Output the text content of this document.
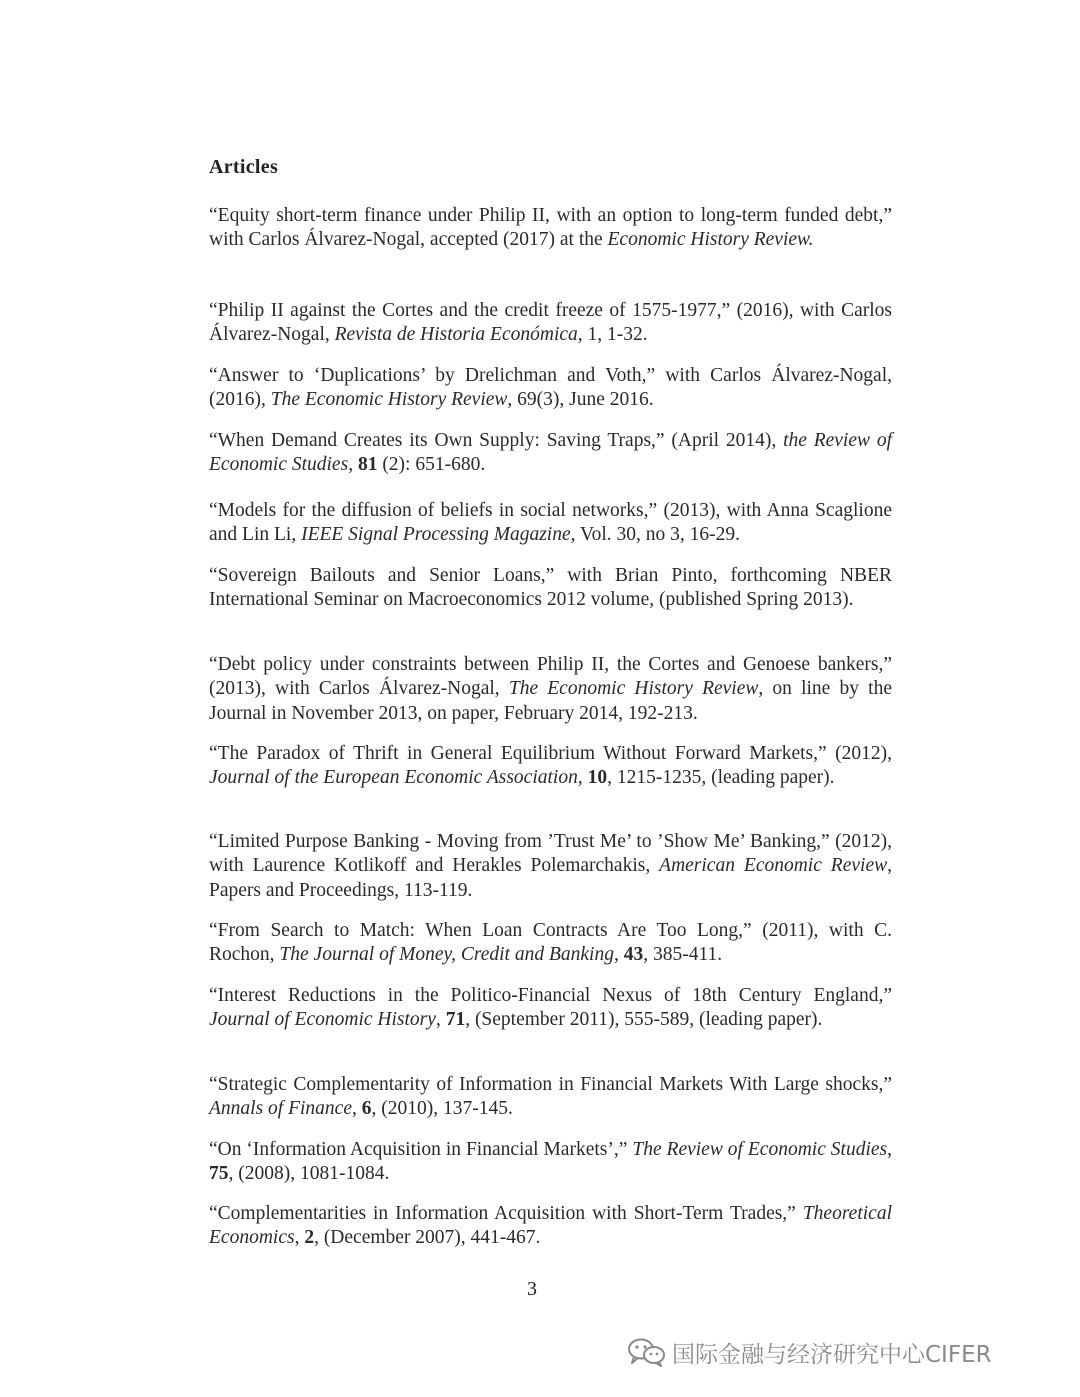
Articles
“Equity short-term finance under Philip II, with an option to long-term funded debt,” with Carlos Álvarez-Nogal, accepted (2017) at the Economic History Review.
“Philip II against the Cortes and the credit freeze of 1575-1977,” (2016), with Carlos Álvarez-Nogal, Revista de Historia Económica, 1, 1-32.
“Answer to ‘Duplications’ by Drelichman and Voth,” with Carlos Álvarez-Nogal, (2016), The Economic History Review, 69(3), June 2016.
“When Demand Creates its Own Supply: Saving Traps,” (April 2014), the Review of Economic Studies, 81 (2): 651-680.
“Models for the diffusion of beliefs in social networks,” (2013), with Anna Scaglione and Lin Li, IEEE Signal Processing Magazine, Vol. 30, no 3, 16-29.
“Sovereign Bailouts and Senior Loans,” with Brian Pinto, forthcoming NBER International Seminar on Macroeconomics 2012 volume, (published Spring 2013).
“Debt policy under constraints between Philip II, the Cortes and Genoese bankers,” (2013), with Carlos Álvarez-Nogal, The Economic History Review, on line by the Journal in November 2013, on paper, February 2014, 192-213.
“The Paradox of Thrift in General Equilibrium Without Forward Markets,” (2012), Journal of the European Economic Association, 10, 1215-1235, (leading paper).
“Limited Purpose Banking - Moving from ’Trust Me’ to ’Show Me’ Banking,” (2012), with Laurence Kotlikoff and Herakles Polemarchakis, American Economic Review, Papers and Proceedings, 113-119.
“From Search to Match: When Loan Contracts Are Too Long,” (2011), with C. Rochon, The Journal of Money, Credit and Banking, 43, 385-411.
“Interest Reductions in the Politico-Financial Nexus of 18th Century England,” Journal of Economic History, 71, (September 2011), 555-589, (leading paper).
“Strategic Complementarity of Information in Financial Markets With Large shocks,” Annals of Finance, 6, (2010), 137-145.
“On ‘Information Acquisition in Financial Markets’,” The Review of Economic Studies, 75, (2008), 1081-1084.
“Complementarities in Information Acquisition with Short-Term Trades,” Theoretical Economics, 2, (December 2007), 441-467.
3
国际金融与经济研究中心CIFER
